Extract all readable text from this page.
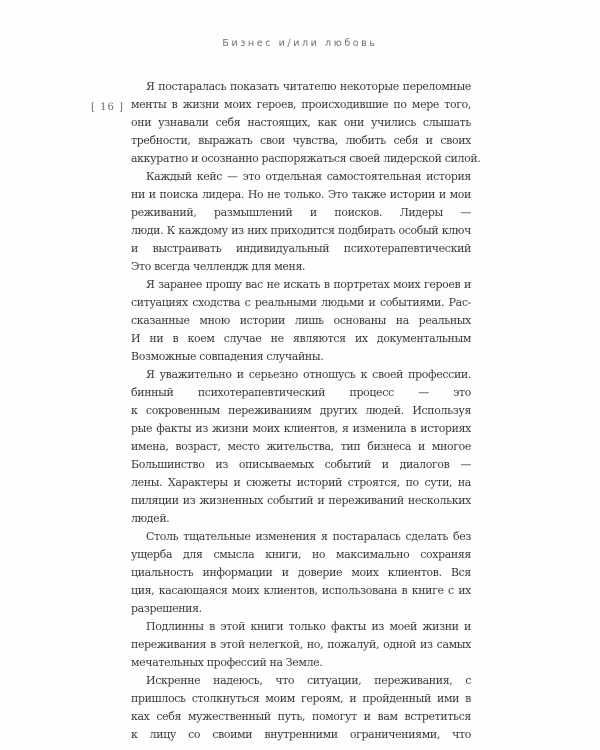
Бизнес и/или любовь
[ 16 ]
Я постаралась показать читателю некоторые переломные
менты в жизни моих героев, происходившие по мере того,
они узнавали себя настоящих, как они учились слышать
требности, выражать свои чувства, любить себя и своих
аккуратно и осознанно распоряжаться своей лидерской силой.
Каждый кейс — это отдельная самостоятельная история
ни и поиска лидера. Но не только. Это также истории и мои
реживаний, размышлений и поисков. Лидеры —
люди. К каждому из них приходится подбирать особый ключ
и выстраивать индивидуальный психотерапевтический
Это всегда челлендж для меня.
Я заранее прошу вас не искать в портретах моих героев и
ситуациях сходства с реальными людьми и событиями. Рас-
сказанные мною истории лишь основаны на реальных
И ни в коем случае не являются их документальным
Возможные совпадения случайны.
Я уважительно и серьезно отношусь к своей профессии.
бинный психотерапевтический процесс — это
к сокровенным переживаниям других людей. Используя
рые факты из жизни моих клиентов, я изменила в историях
имена, возраст, место жительства, тип бизнеса и многое
Большинство из описываемых событий и диалогов —
лены. Характеры и сюжеты историй строятся, по сути, на
пиляции из жизненных событий и переживаний нескольких
людей.
Столь тщательные изменения я постаралась сделать без
ущерба для смысла книги, но максимально сохраняя
циальность информации и доверие моих клиентов. Вся
ция, касающаяся моих клиентов, использована в книге с их
разрешения.
Подлинны в этой книги только факты из моей жизни и
переживания в этой нелегкой, но, пожалуй, одной из самых
мечательных профессий на Земле.
Искренне надеюсь, что ситуации, переживания, с
пришлось столкнуться моим героям, и пройденный ими в
ках себя мужественный путь, помогут и вам встретиться
к лицу со своими внутренними ограничениями, что
